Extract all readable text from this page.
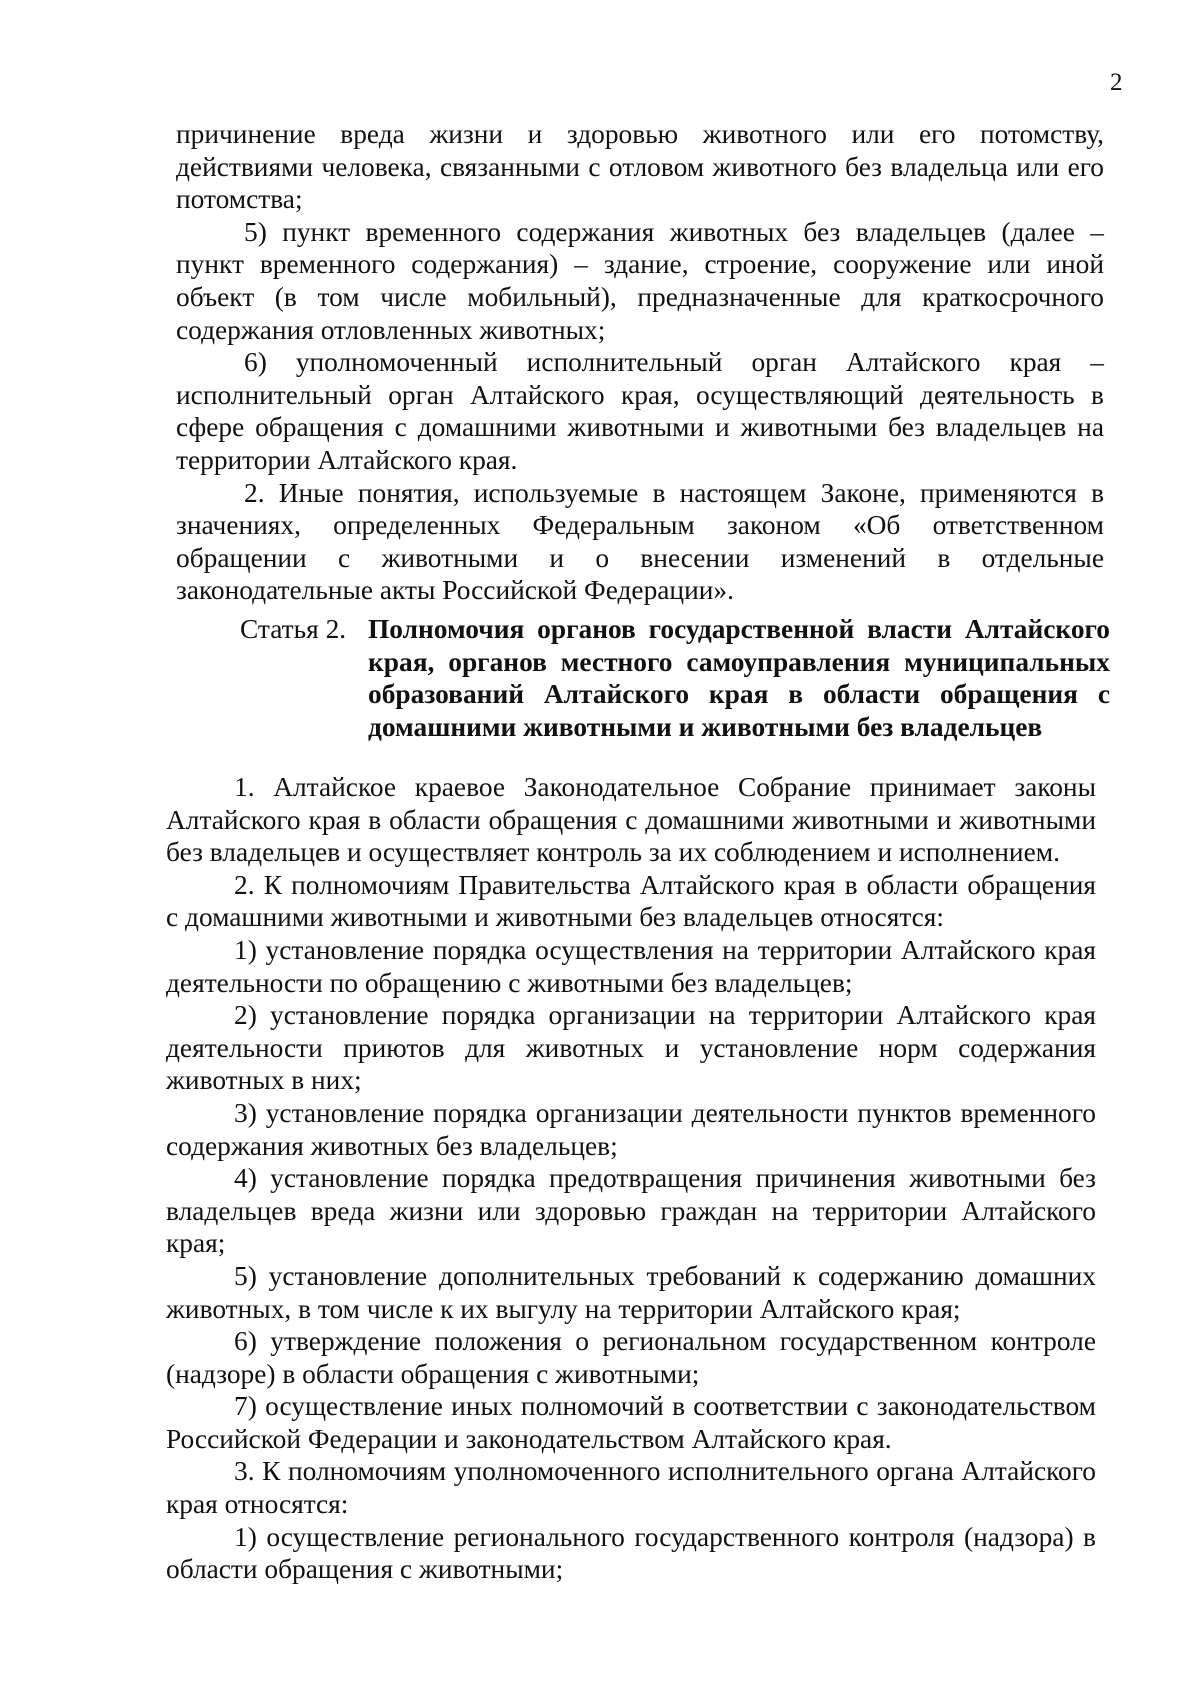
2

причинение вреда жизни и здоровью животного или его потомству, действиями человека, связанными с отловом животного без владельца или его потомства;

5) пункт временного содержания животных без владельцев (далее – пункт временного содержания) – здание, строение, сооружение или иной объект (в том числе мобильный), предназначенные для краткосрочного содержания отловленных животных;

6) уполномоченный исполнительный орган Алтайского края – исполнительный орган Алтайского края, осуществляющий деятельность в сфере обращения с домашними животными и животными без владельцев на территории Алтайского края.

2. Иные понятия, используемые в настоящем Законе, применяются в значениях, определенных Федеральным законом «Об ответственном обращении с животными и о внесении изменений в отдельные законодательные акты Российской Федерации».

Статья 2. Полномочия органов государственной власти Алтайского края, органов местного самоуправления муниципальных образований Алтайского края в области обращения с домашними животными и животными без владельцев

1. Алтайское краевое Законодательное Собрание принимает законы Алтайского края в области обращения с домашними животными и животными без владельцев и осуществляет контроль за их соблюдением и исполнением.

2. К полномочиям Правительства Алтайского края в области обращения с домашними животными и животными без владельцев относятся:

1) установление порядка осуществления на территории Алтайского края деятельности по обращению с животными без владельцев;

2) установление порядка организации на территории Алтайского края деятельности приютов для животных и установление норм содержания животных в них;

3) установление порядка организации деятельности пунктов временного содержания животных без владельцев;

4) установление порядка предотвращения причинения животными без владельцев вреда жизни или здоровью граждан на территории Алтайского края;

5) установление дополнительных требований к содержанию домашних животных, в том числе к их выгулу на территории Алтайского края;

6) утверждение положения о региональном государственном контроле (надзоре) в области обращения с животными;

7) осуществление иных полномочий в соответствии с законодательством Российской Федерации и законодательством Алтайского края.

3. К полномочиям уполномоченного исполнительного органа Алтайского края относятся:

1) осуществление регионального государственного контроля (надзора) в области обращения с животными;
